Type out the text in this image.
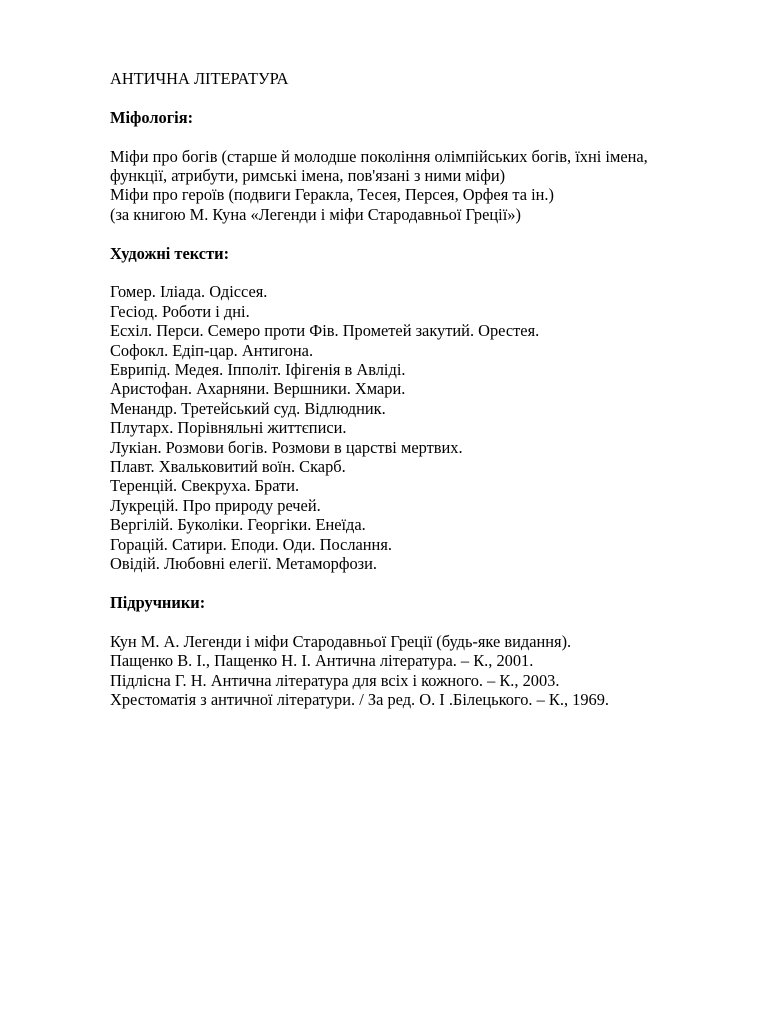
АНТИЧНА ЛІТЕРАТУРА

Міфологія:

Міфи про богів (старше й молодше покоління олімпійських богів, їхні імена,

функції, атрибути, римські імена, пов'язані з ними міфи)

Міфи про героїв (подвиги Геракла, Тесея, Персея, Орфея та ін.)

(за книгою М. Куна «Легенди і міфи Стародавньої Греції»)

Художні тексти:

Гомер. Іліада. Одіссея.

Гесіод. Роботи і дні.

Есхіл. Перси. Семеро проти Фів. Прометей закутий. Орестея.

Софокл. Едіп-цар. Антигона.

Еврипід. Медея. Іпполіт. Іфігенія в Авліді.

Аристофан. Ахарняни. Вершники. Хмари.

Менандр. Третейський суд. Відлюдник.

Плутарх. Порівняльні життєписи.

Лукіан. Розмови богів. Розмови в царстві мертвих.

Плавт. Хвальковитий воїн. Скарб.

Теренцій. Свекруха. Брати.

Лукрецій. Про природу речей.

Вергілій. Буколіки. Георгіки. Енеїда.

Горацій. Сатири. Еподи. Оди. Послання.

Овідій. Любовні елегії. Метаморфози.

Підручники:

Кун М. А. Легенди і міфи Стародавньої Греції (будь-яке видання).

Пащенко В. І., Пащенко Н. І. Антична література. – К., 2001.

Підлісна Г. Н. Антична література для всіх і кожного. – К., 2003.

Хрестоматія з античної літератури. / За ред. О. І .Білецького. – К., 1969.
